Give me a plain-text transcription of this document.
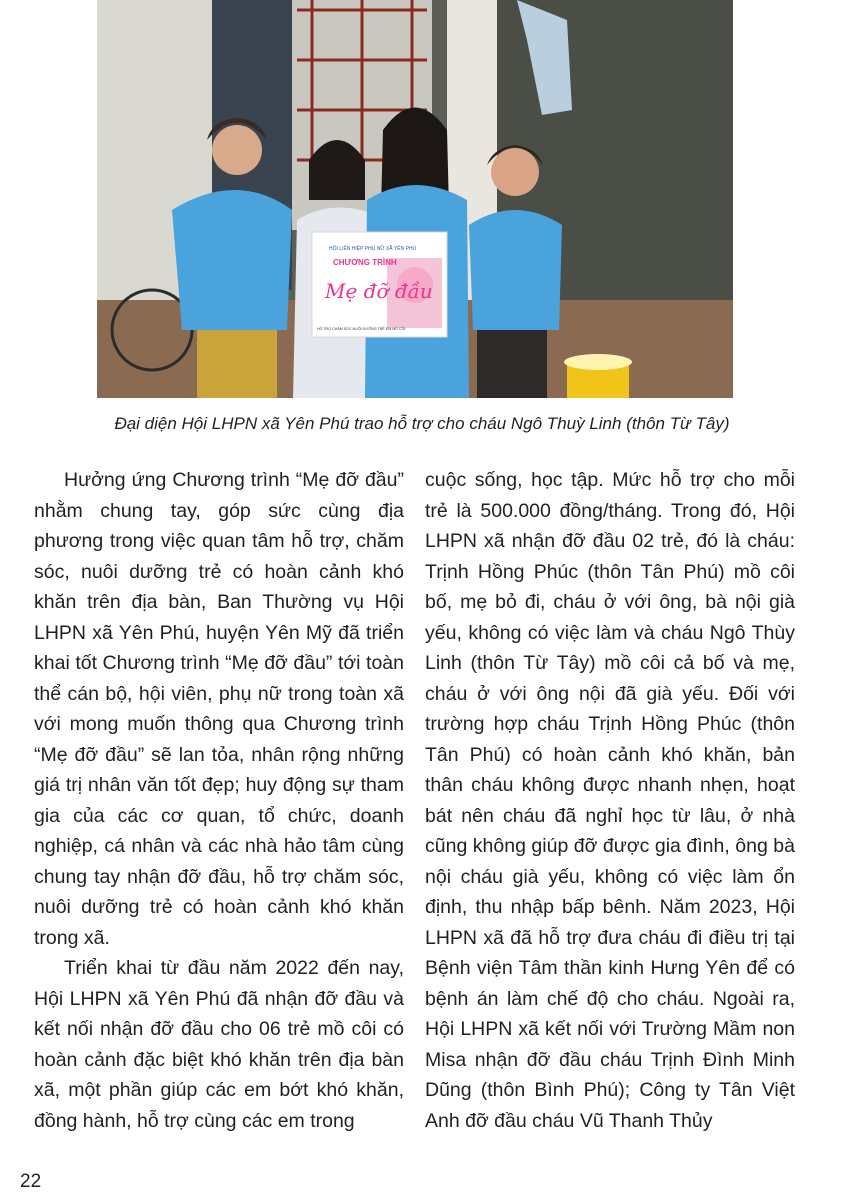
HỘI LIÊN HIỆP PHỤ NỮ XÃ YÊN PHÚ
CHƯƠNG TRÌNH
Mẹ đỡ đầu
HỖ TRỢ CHĂM SÓC NUÔI DƯỠNG TRẺ EM MỒ CÔI
Đại diện Hội LHPN xã Yên Phú trao hỗ trợ cho cháu Ngô Thuỳ Linh (thôn Từ Tây)

Hưởng ứng Chương trình “Mẹ đỡ đầu” nhằm chung tay, góp sức cùng địa phương trong việc quan tâm hỗ trợ, chăm sóc, nuôi dưỡng trẻ có hoàn cảnh khó khăn trên địa bàn, Ban Thường vụ Hội LHPN xã Yên Phú, huyện Yên Mỹ đã triển khai tốt Chương trình “Mẹ đỡ đầu” tới toàn thể cán bộ, hội viên, phụ nữ trong toàn xã với mong muốn thông qua Chương trình “Mẹ đỡ đầu” sẽ lan tỏa, nhân rộng những giá trị nhân văn tốt đẹp; huy động sự tham gia của các cơ quan, tổ chức, doanh nghiệp, cá nhân và các nhà hảo tâm cùng chung tay nhận đỡ đầu, hỗ trợ chăm sóc, nuôi dưỡng trẻ có hoàn cảnh khó khăn trong xã.

Triển khai từ đầu năm 2022 đến nay, Hội LHPN xã Yên Phú đã nhận đỡ đầu và kết nối nhận đỡ đầu cho 06 trẻ mồ côi có hoàn cảnh đặc biệt khó khăn trên địa bàn xã, một phần giúp các em bớt khó khăn, đồng hành, hỗ trợ cùng các em trong

cuộc sống, học tập. Mức hỗ trợ cho mỗi trẻ là 500.000 đồng/tháng. Trong đó, Hội LHPN xã nhận đỡ đầu 02 trẻ, đó là cháu: Trịnh Hồng Phúc (thôn Tân Phú) mồ côi bố, mẹ bỏ đi, cháu ở với ông, bà nội già yếu, không có việc làm và cháu Ngô Thùy Linh (thôn Từ Tây) mồ côi cả bố và mẹ, cháu ở với ông nội đã già yếu. Đối với trường hợp cháu Trịnh Hồng Phúc (thôn Tân Phú) có hoàn cảnh khó khăn, bản thân cháu không được nhanh nhẹn, hoạt bát nên cháu đã nghỉ học từ lâu, ở nhà cũng không giúp đỡ được gia đình, ông bà nội cháu già yếu, không có việc làm ổn định, thu nhập bấp bênh. Năm 2023, Hội LHPN xã đã hỗ trợ đưa cháu đi điều trị tại Bệnh viện Tâm thần kinh Hưng Yên để có bệnh án làm chế độ cho cháu. Ngoài ra, Hội LHPN xã kết nối với Trường Mầm non Misa nhận đỡ đầu cháu Trịnh Đình Minh Dũng (thôn Bình Phú); Công ty Tân Việt Anh đỡ đầu cháu Vũ Thanh Thủy

22
